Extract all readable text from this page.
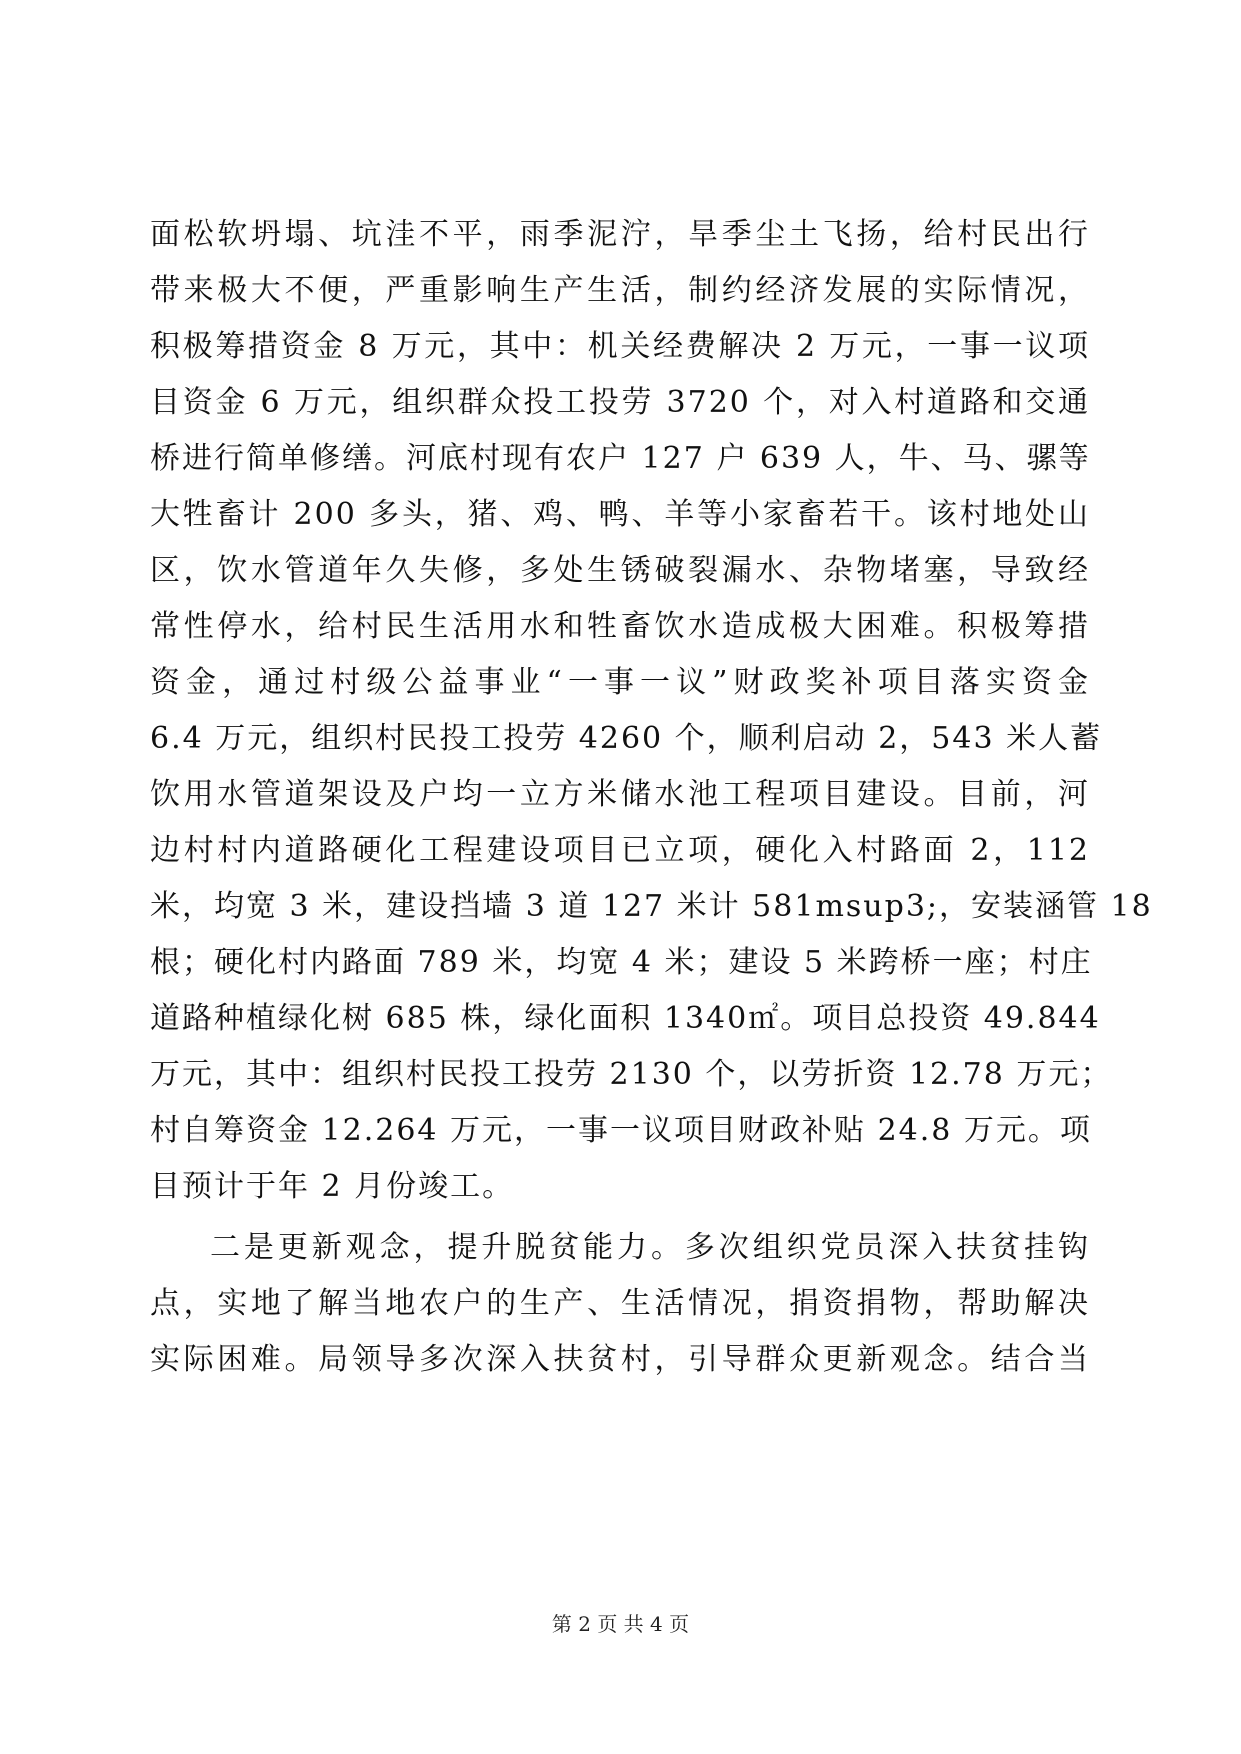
面松软坍塌、坑洼不平，雨季泥泞，旱季尘土飞扬，给村民出行
带来极大不便，严重影响生产生活，制约经济发展的实际情况，
积极筹措资金 8 万元，其中：机关经费解决 2 万元，一事一议项
目资金 6 万元，组织群众投工投劳 3720 个，对入村道路和交通
桥进行简单修缮。河底村现有农户 127 户 639 人，牛、马、骡等
大牲畜计 200 多头，猪、鸡、鸭、羊等小家畜若干。该村地处山
区，饮水管道年久失修，多处生锈破裂漏水、杂物堵塞，导致经
常性停水，给村民生活用水和牲畜饮水造成极大困难。积极筹措
资金，通过村级公益事业“一事一议”财政奖补项目落实资金
6.4 万元，组织村民投工投劳 4260 个，顺利启动 2，543 米人蓄
饮用水管道架设及户均一立方米储水池工程项目建设。目前，河
边村村内道路硬化工程建设项目已立项，硬化入村路面 2，112
米，均宽 3 米，建设挡墙 3 道 127 米计 581msup3;，安装涵管 18
根；硬化村内路面 789 米，均宽 4 米；建设 5 米跨桥一座；村庄
道路种植绿化树 685 株，绿化面积 1340㎡。项目总投资 49.844
万元，其中：组织村民投工投劳 2130 个，以劳折资 12.78 万元；
村自筹资金 12.264 万元，一事一议项目财政补贴 24.8 万元。项
目预计于年 2 月份竣工。
二是更新观念，提升脱贫能力。多次组织党员深入扶贫挂钩
点，实地了解当地农户的生产、生活情况，捐资捐物，帮助解决
实际困难。局领导多次深入扶贫村，引导群众更新观念。结合当
第 2 页 共 4 页
